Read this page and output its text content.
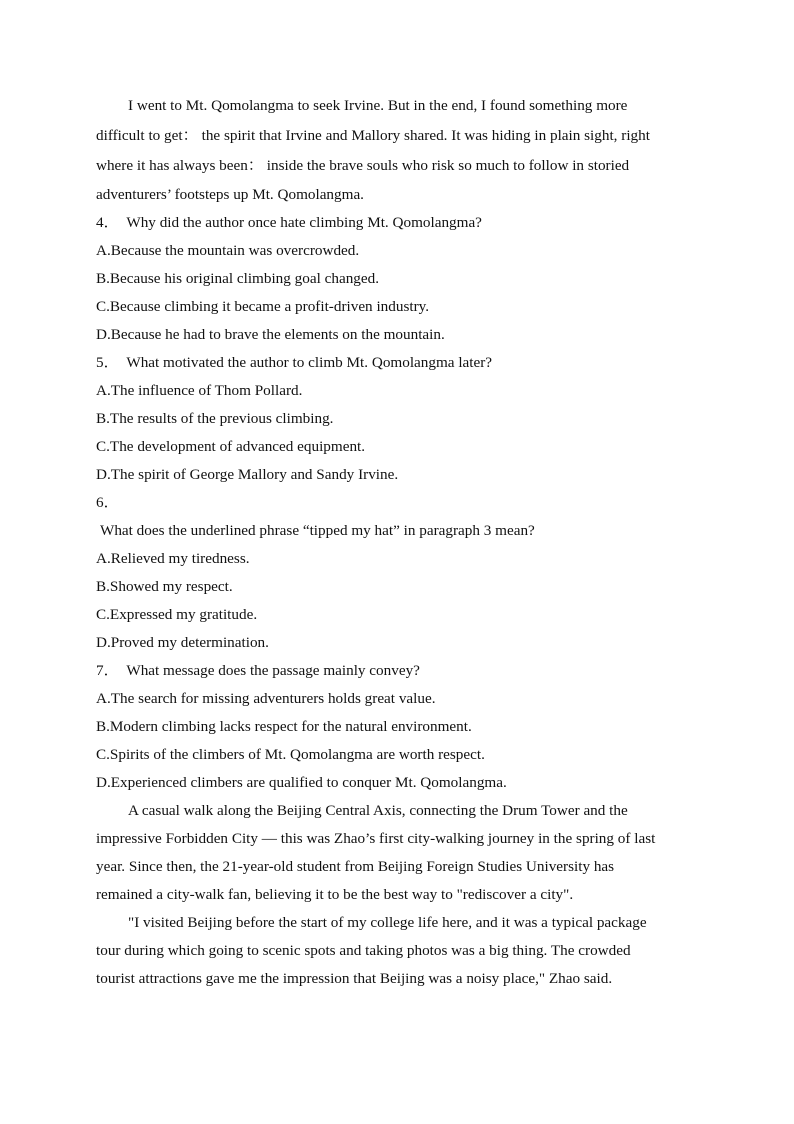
I went to Mt. Qomolangma to seek Irvine. But in the end, I found something more
difficult to get： the spirit that Irvine and Mallory shared. It was hiding in plain sight, right
where it has always been： inside the brave souls who risk so much to follow in storied
adventurers’ footsteps up Mt. Qomolangma.
4． Why did the author once hate climbing Mt. Qomolangma?
A.Because the mountain was overcrowded.
B.Because his original climbing goal changed.
C.Because climbing it became a profit-driven industry.
D.Because he had to brave the elements on the mountain.
5． What motivated the author to climb Mt. Qomolangma later?
A.The influence of Thom Pollard.
B.The results of the previous climbing.
C.The development of advanced equipment.
D.The spirit of George Mallory and Sandy Irvine.
6．
What does the underlined phrase “tipped my hat” in paragraph 3 mean?
A.Relieved my tiredness.
B.Showed my respect.
C.Expressed my gratitude.
D.Proved my determination.
7． What message does the passage mainly convey?
A.The search for missing adventurers holds great value.
B.Modern climbing lacks respect for the natural environment.
C.Spirits of the climbers of Mt. Qomolangma are worth respect.
D.Experienced climbers are qualified to conquer Mt. Qomolangma.
A casual walk along the Beijing Central Axis, connecting the Drum Tower and the
impressive Forbidden City — this was Zhao’s first city-walking journey in the spring of last
year. Since then, the 21-year-old student from Beijing Foreign Studies University has
remained a city-walk fan, believing it to be the best way to "rediscover a city".
"I visited Beijing before the start of my college life here, and it was a typical package
tour during which going to scenic spots and taking photos was a big thing. The crowded
tourist attractions gave me the impression that Beijing was a noisy place," Zhao said.
